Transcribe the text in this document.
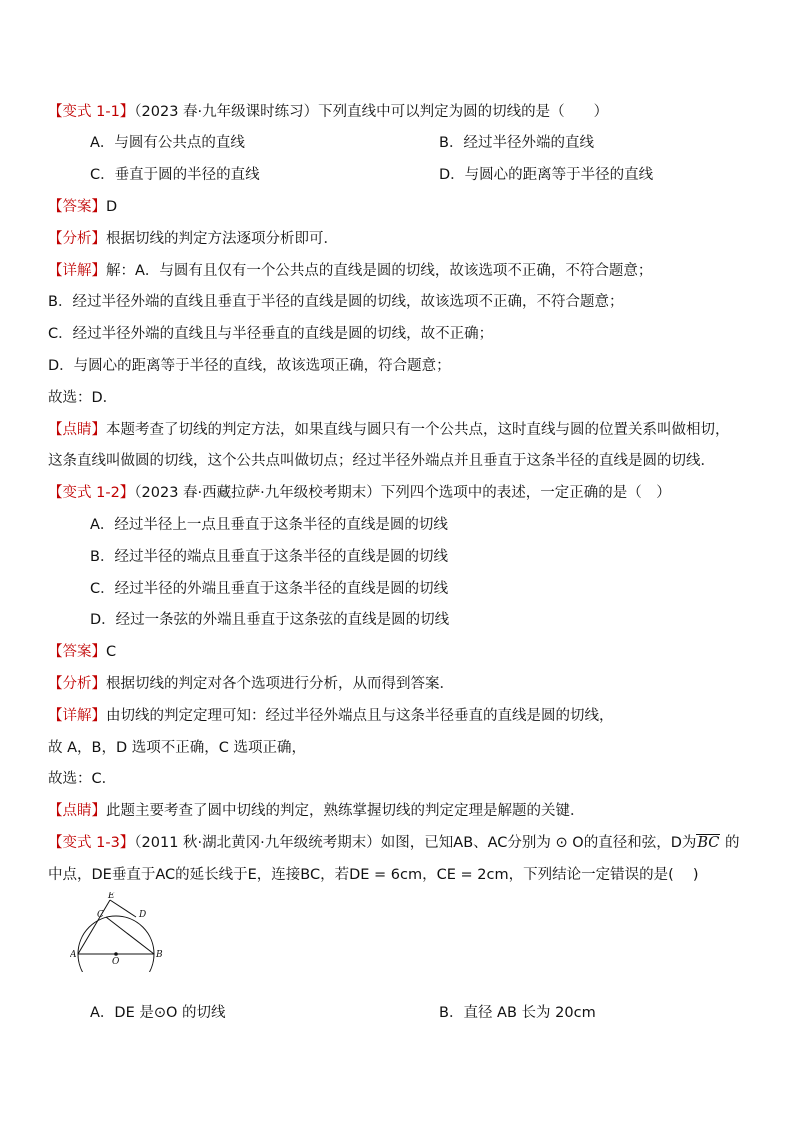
【变式 1-1】（2023 春·九年级课时练习）下列直线中可以判定为圆的切线的是（　　）
A．与圆有公共点的直线	B．经过半径外端的直线
C．垂直于圆的半径的直线	D．与圆心的距离等于半径的直线
【答案】D
【分析】根据切线的判定方法逐项分析即可．
【详解】解：A．与圆有且仅有一个公共点的直线是圆的切线，故该选项不正确，不符合题意；
B．经过半径外端的直线且垂直于半径的直线是圆的切线，故该选项不正确，不符合题意；
C．经过半径外端的直线且与半径垂直的直线是圆的切线，故不正确；
D．与圆心的距离等于半径的直线，故该选项正确，符合题意；
故选：D．
【点睛】本题考查了切线的判定方法，如果直线与圆只有一个公共点，这时直线与圆的位置关系叫做相切，
这条直线叫做圆的切线，这个公共点叫做切点；经过半径外端点并且垂直于这条半径的直线是圆的切线．
【变式 1-2】（2023 春·西藏拉萨·九年级校考期末）下列四个选项中的表述，一定正确的是（　）
A．经过半径上一点且垂直于这条半径的直线是圆的切线
B．经过半径的端点且垂直于这条半径的直线是圆的切线
C．经过半径的外端且垂直于这条半径的直线是圆的切线
D．经过一条弦的外端且垂直于这条弦的直线是圆的切线
【答案】C
【分析】根据切线的判定对各个选项进行分析，从而得到答案．
【详解】由切线的判定定理可知：经过半径外端点且与这条半径垂直的直线是圆的切线，
故 A，B，D 选项不正确，C 选项正确，
故选：C．
【点睛】此题主要考查了圆中切线的判定，熟练掌握切线的判定定理是解题的关键．
【变式 1-3】（2011 秋·湖北黄冈·九年级统考期末）如图，已知AB、AC分别为 ⊙ O的直径和弦，D为BC 的
中点，DE垂直于AC的延长线于E，连接BC，若DE = 6cm，CE = 2cm，下列结论一定错误的是(　 )
E
C	D
A
O
B
A．DE 是⊙O 的切线	B．直径 AB 长为 20cm
